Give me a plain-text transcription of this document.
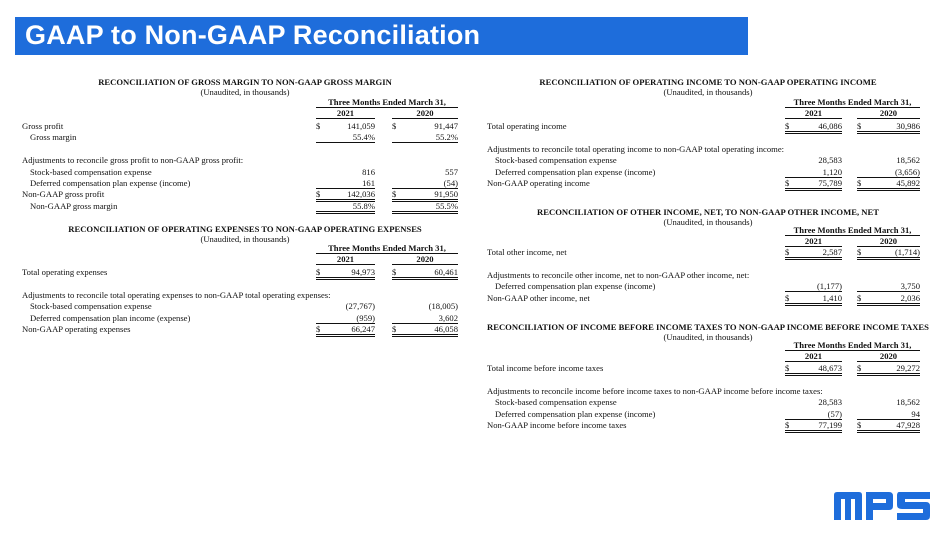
GAAP to Non-GAAP Reconciliation
RECONCILIATION OF GROSS MARGIN TO NON-GAAP GROSS MARGIN
(Unaudited, in thousands)
Three Months Ended March 31,
2021	2020
Gross profit	$	141,059 $	91,447
Gross margin	55.4%	55.2%
Adjustments to reconcile gross profit to non-GAAP gross profit:
Stock-based compensation expense	816	557
Deferred compensation plan expense (income)	161	(54)
Non-GAAP gross profit	$	142,036 $	91,950
Non-GAAP gross margin	55.8%	55.5%
RECONCILIATION OF OPERATING EXPENSES TO NON-GAAP OPERATING EXPENSES
(Unaudited, in thousands)
Three Months Ended March 31,
2021	2020
Total operating expenses	$	94,973 $	60,461
Adjustments to reconcile total operating expenses to non-GAAP total operating expenses:
Stock-based compensation expense	(27,767)	(18,005)
Deferred compensation plan income (expense)	(959)	3,602
Non-GAAP operating expenses	$	66,247 $	46,058
RECONCILIATION OF OPERATING INCOME TO NON-GAAP OPERATING INCOME
(Unaudited, in thousands)
Three Months Ended March 31,
2021	2020
Total operating income	$	46,086 $	30,986
Adjustments to reconcile total operating income to non-GAAP total operating income:
Stock-based compensation expense	28,583	18,562
Deferred compensation plan expense (income)	1,120	(3,656)
Non-GAAP operating income	$	75,789 $	45,892
RECONCILIATION OF OTHER INCOME, NET, TO NON-GAAP OTHER INCOME, NET
(Unaudited, in thousands)
Three Months Ended March 31,
2021	2020
Total other income, net	$	2,587 $	(1,714)
Adjustments to reconcile other income, net to non-GAAP other income, net:
Deferred compensation plan expense (income)	(1,177)	3,750
Non-GAAP other income, net	$	1,410 $	2,036
RECONCILIATION OF INCOME BEFORE INCOME TAXES TO NON-GAAP INCOME BEFORE INCOME TAXES
(Unaudited, in thousands)
Three Months Ended March 31,
2021	2020
Total income before income taxes	$	48,673 $	29,272
Adjustments to reconcile income before income taxes to non-GAAP income before income taxes:
Stock-based compensation expense	28,583	18,562
Deferred compensation plan expense (income)	(57)	94
Non-GAAP income before income taxes	$	77,199 $	47,928
